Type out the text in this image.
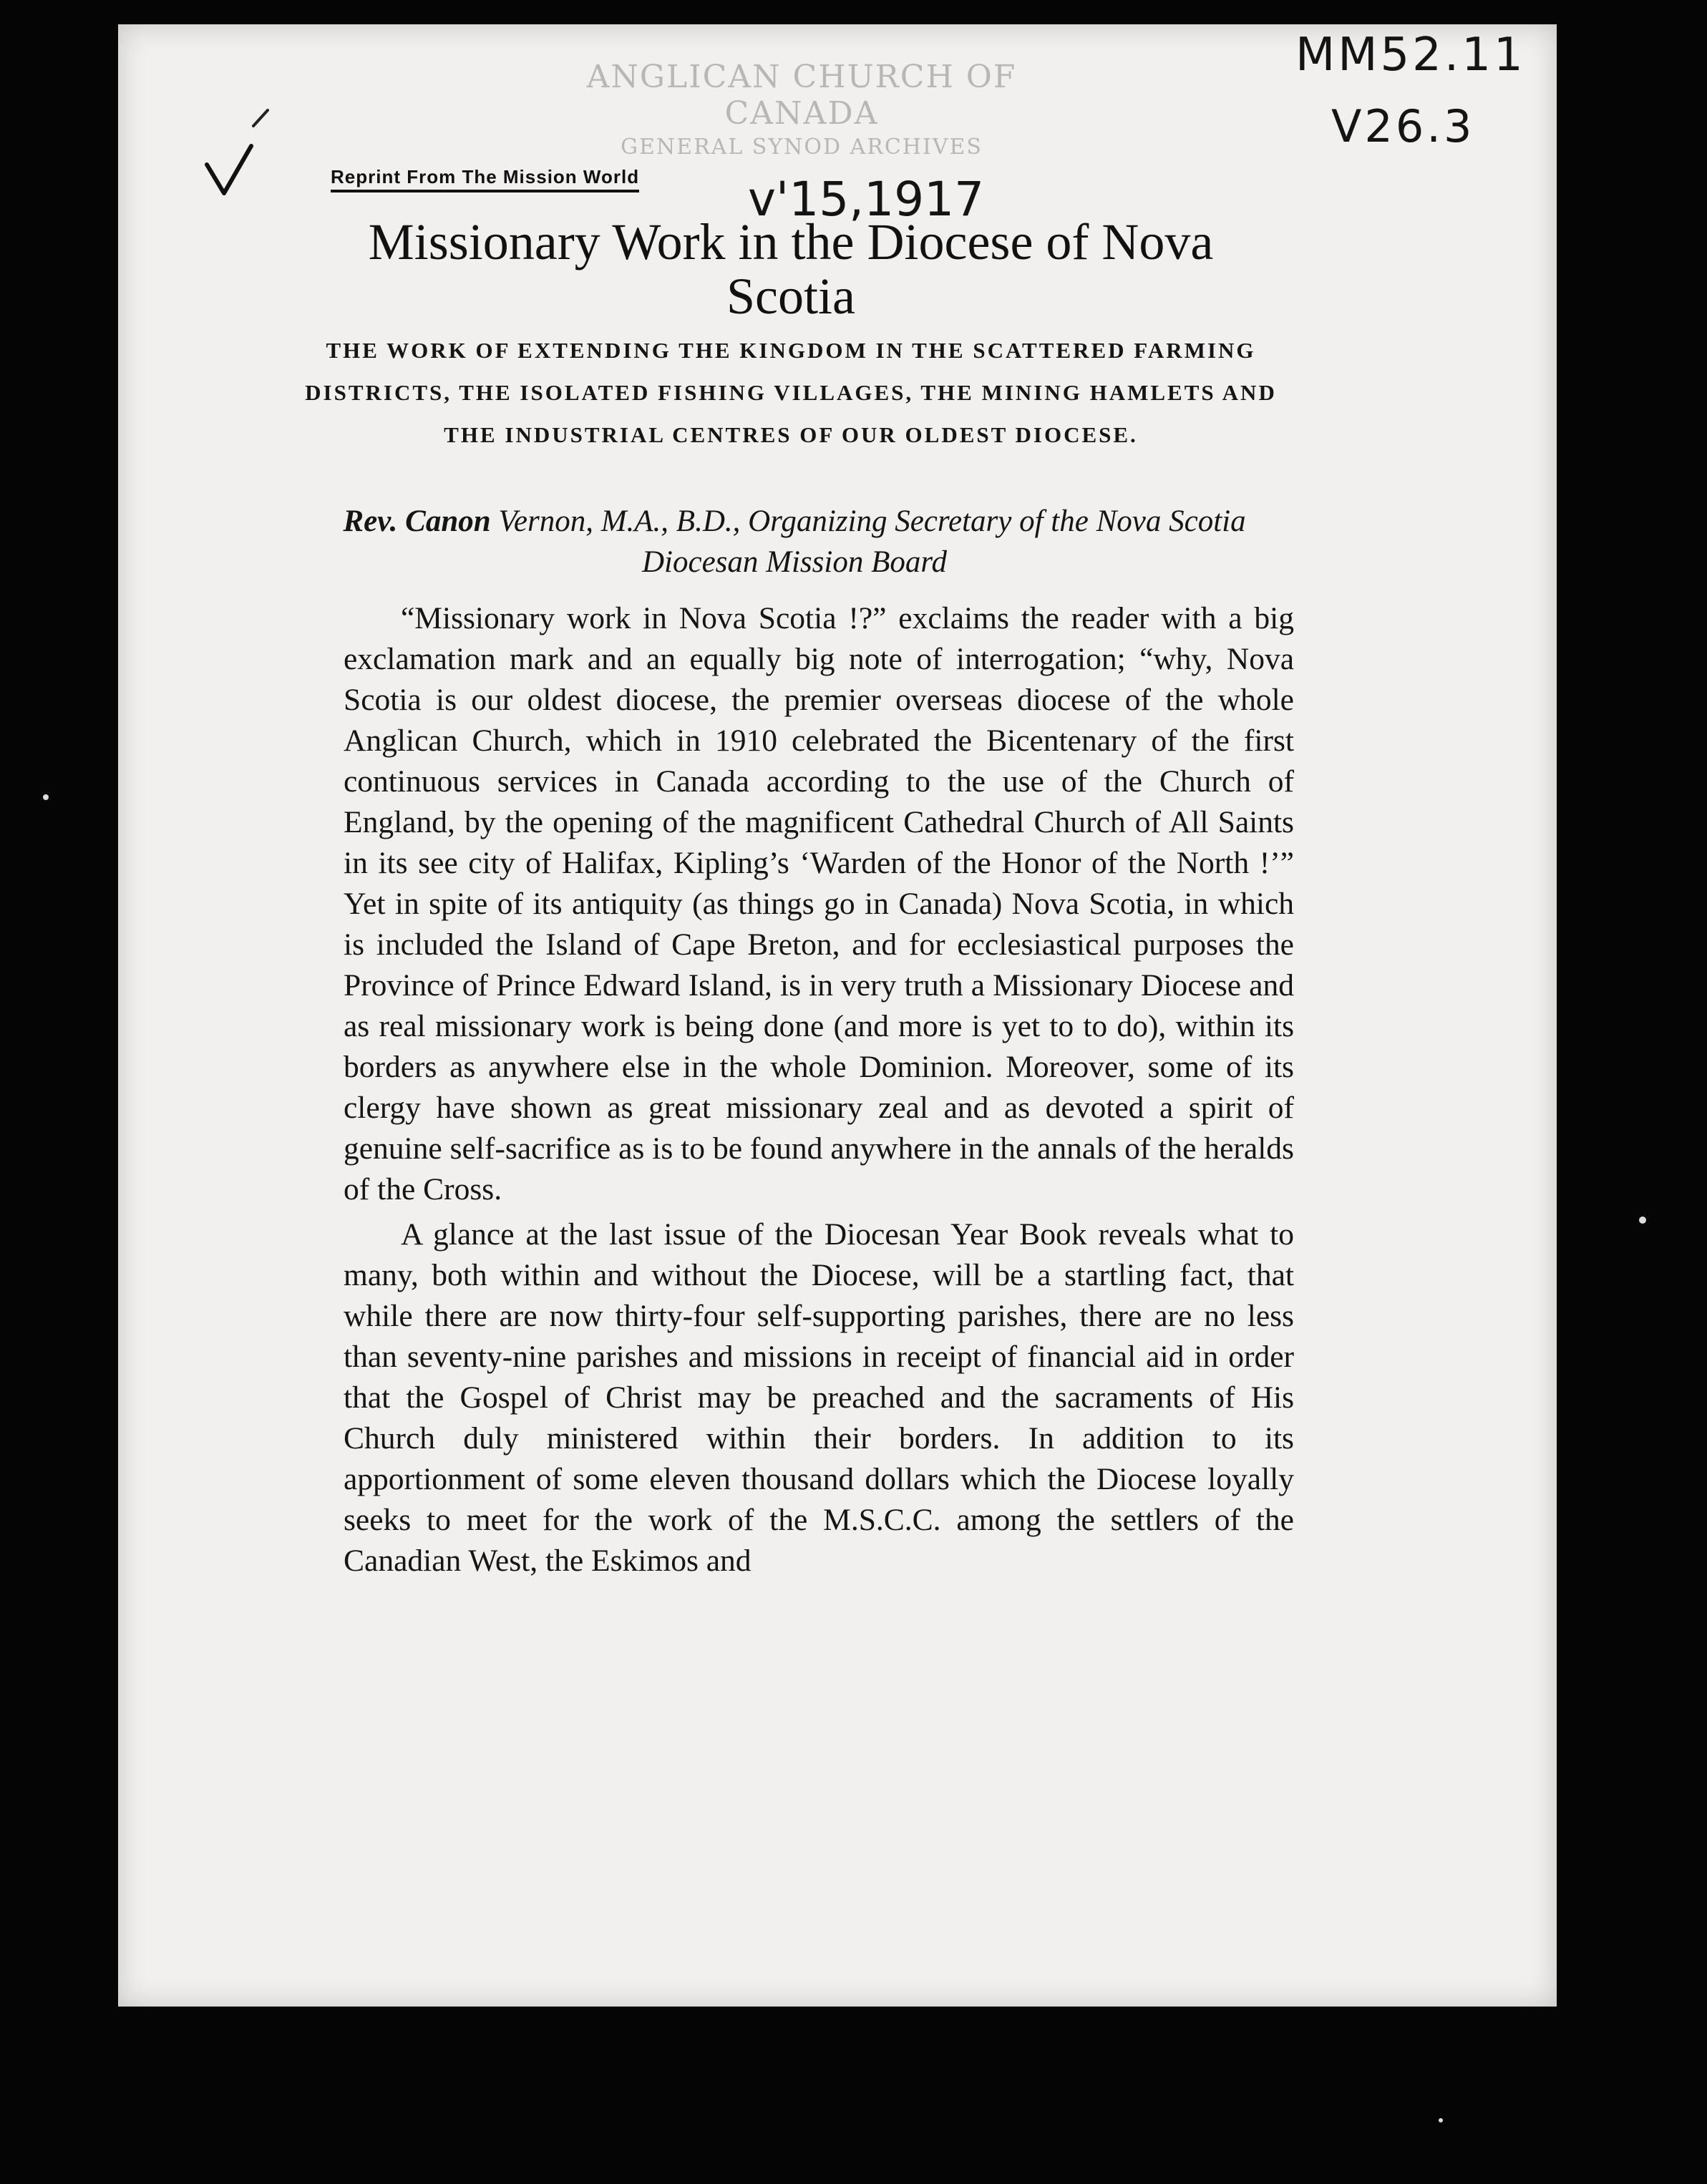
ANGLICAN CHURCH OF CANADA
GENERAL SYNOD ARCHIVES
MM52.11
V26.3
v'15,1917
Reprint From The Mission World
Missionary Work in the Diocese of Nova Scotia
THE WORK OF EXTENDING THE KINGDOM IN THE SCATTERED FARMING DISTRICTS, THE ISOLATED FISHING VILLAGES, THE MINING HAMLETS AND THE INDUSTRIAL CENTRES OF OUR OLDEST DIOCESE.
Rev. Canon Vernon, M.A., B.D., Organizing Secretary of the Nova Scotia Diocesan Mission Board

“Missionary work in Nova Scotia !?” exclaims the reader with a big exclamation mark and an equally big note of interrogation; “why, Nova Scotia is our oldest diocese, the premier overseas diocese of the whole Anglican Church, which in 1910 celebrated the Bicentenary of the first continuous services in Canada according to the use of the Church of England, by the opening of the magnificent Cathedral Church of All Saints in its see city of Halifax, Kipling’s ‘Warden of the Honor of the North !’” Yet in spite of its antiquity (as things go in Canada) Nova Scotia, in which is included the Island of Cape Breton, and for ecclesiastical purposes the Province of Prince Edward Island, is in very truth a Missionary Diocese and as real missionary work is being done (and more is yet to to do), within its borders as anywhere else in the whole Dominion. Moreover, some of its clergy have shown as great missionary zeal and as devoted a spirit of genuine self-sacrifice as is to be found anywhere in the annals of the heralds of the Cross.

A glance at the last issue of the Diocesan Year Book reveals what to many, both within and without the Diocese, will be a startling fact, that while there are now thirty-four self-supporting parishes, there are no less than seventy-nine parishes and missions in receipt of financial aid in order that the Gospel of Christ may be preached and the sacraments of His Church duly ministered within their borders. In addition to its apportionment of some eleven thousand dollars which the Diocese loyally seeks to meet for the work of the M.S.C.C. among the settlers of the Canadian West, the Eskimos and
